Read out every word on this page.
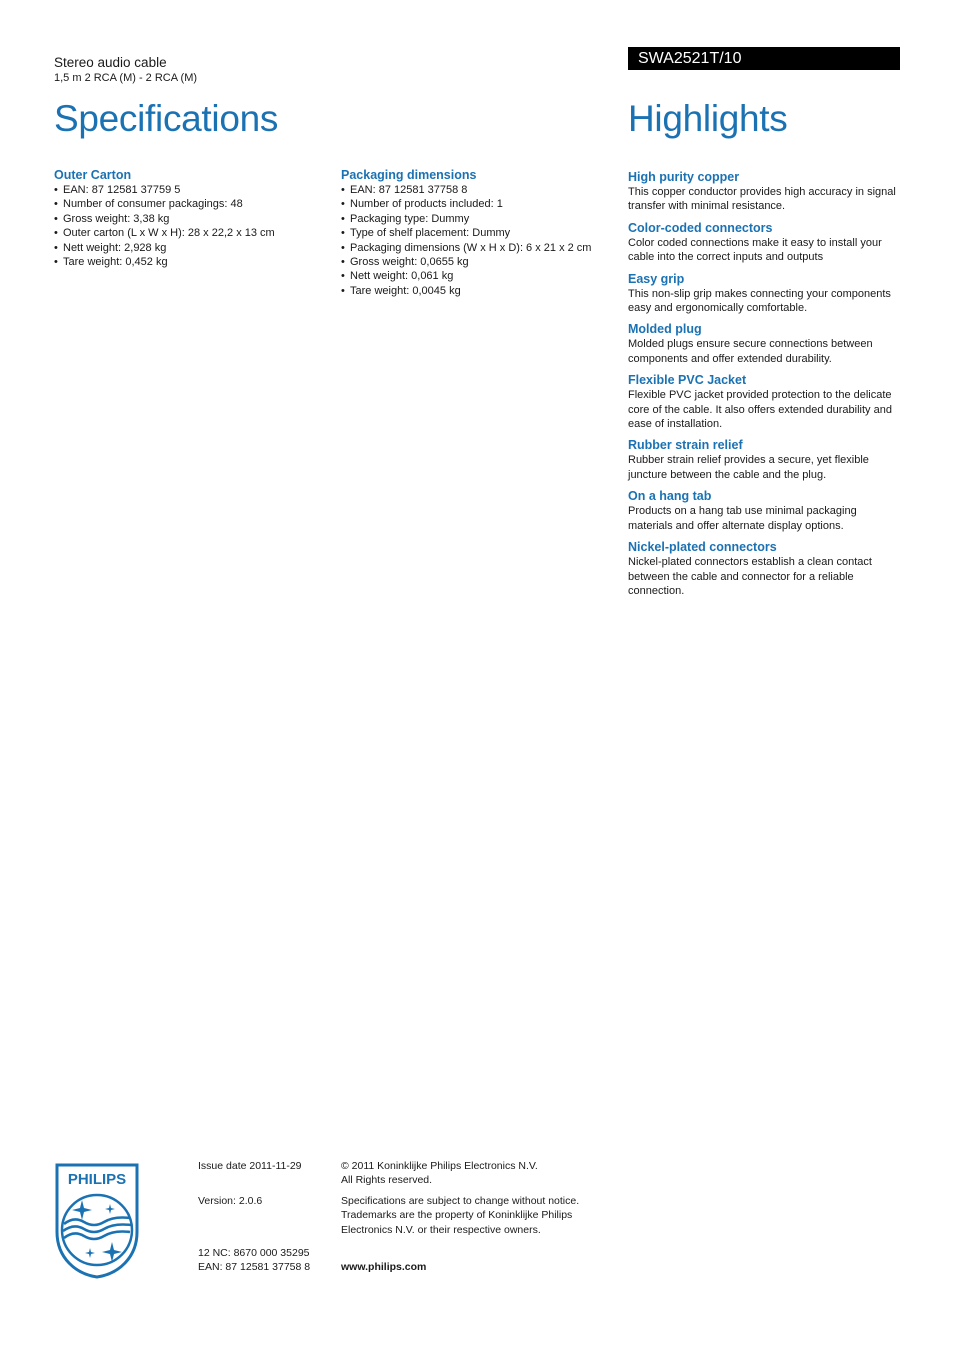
Stereo audio cable
1,5 m 2 RCA (M) - 2 RCA (M)
SWA2521T/10
Specifications	Highlights
Outer Carton
• EAN: 87 12581 37759 5
• Number of consumer packagings: 48
• Gross weight: 3,38 kg
• Outer carton (L x W x H): 28 x 22,2 x 13 cm
• Nett weight: 2,928 kg
• Tare weight: 0,452 kg
Packaging dimensions
• EAN: 87 12581 37758 8
• Number of products included: 1
• Packaging type: Dummy
• Type of shelf placement: Dummy
• Packaging dimensions (W x H x D): 6 x 21 x 2 cm
• Gross weight: 0,0655 kg
• Nett weight: 0,061 kg
• Tare weight: 0,0045 kg
High purity copper
This copper conductor provides high accuracy in signal transfer with minimal resistance.
Color-coded connectors
Color coded connections make it easy to install your cable into the correct inputs and outputs
Easy grip
This non-slip grip makes connecting your components easy and ergonomically comfortable.
Molded plug
Molded plugs ensure secure connections between components and offer extended durability.
Flexible PVC Jacket
Flexible PVC jacket provided protection to the delicate core of the cable. It also offers extended durability and ease of installation.
Rubber strain relief
Rubber strain relief provides a secure, yet flexible juncture between the cable and the plug.
On a hang tab
Products on a hang tab use minimal packaging materials and offer alternate display options.
Nickel-plated connectors
Nickel-plated connectors establish a clean contact between the cable and connector for a reliable connection.
PHILIPS
Issue date 2011-11-29
Version: 2.0.6
12 NC: 8670 000 35295
EAN: 87 12581 37758 8
© 2011 Koninklijke Philips Electronics N.V.
All Rights reserved.
Specifications are subject to change without notice.
Trademarks are the property of Koninklijke Philips
Electronics N.V. or their respective owners.
www.philips.com
